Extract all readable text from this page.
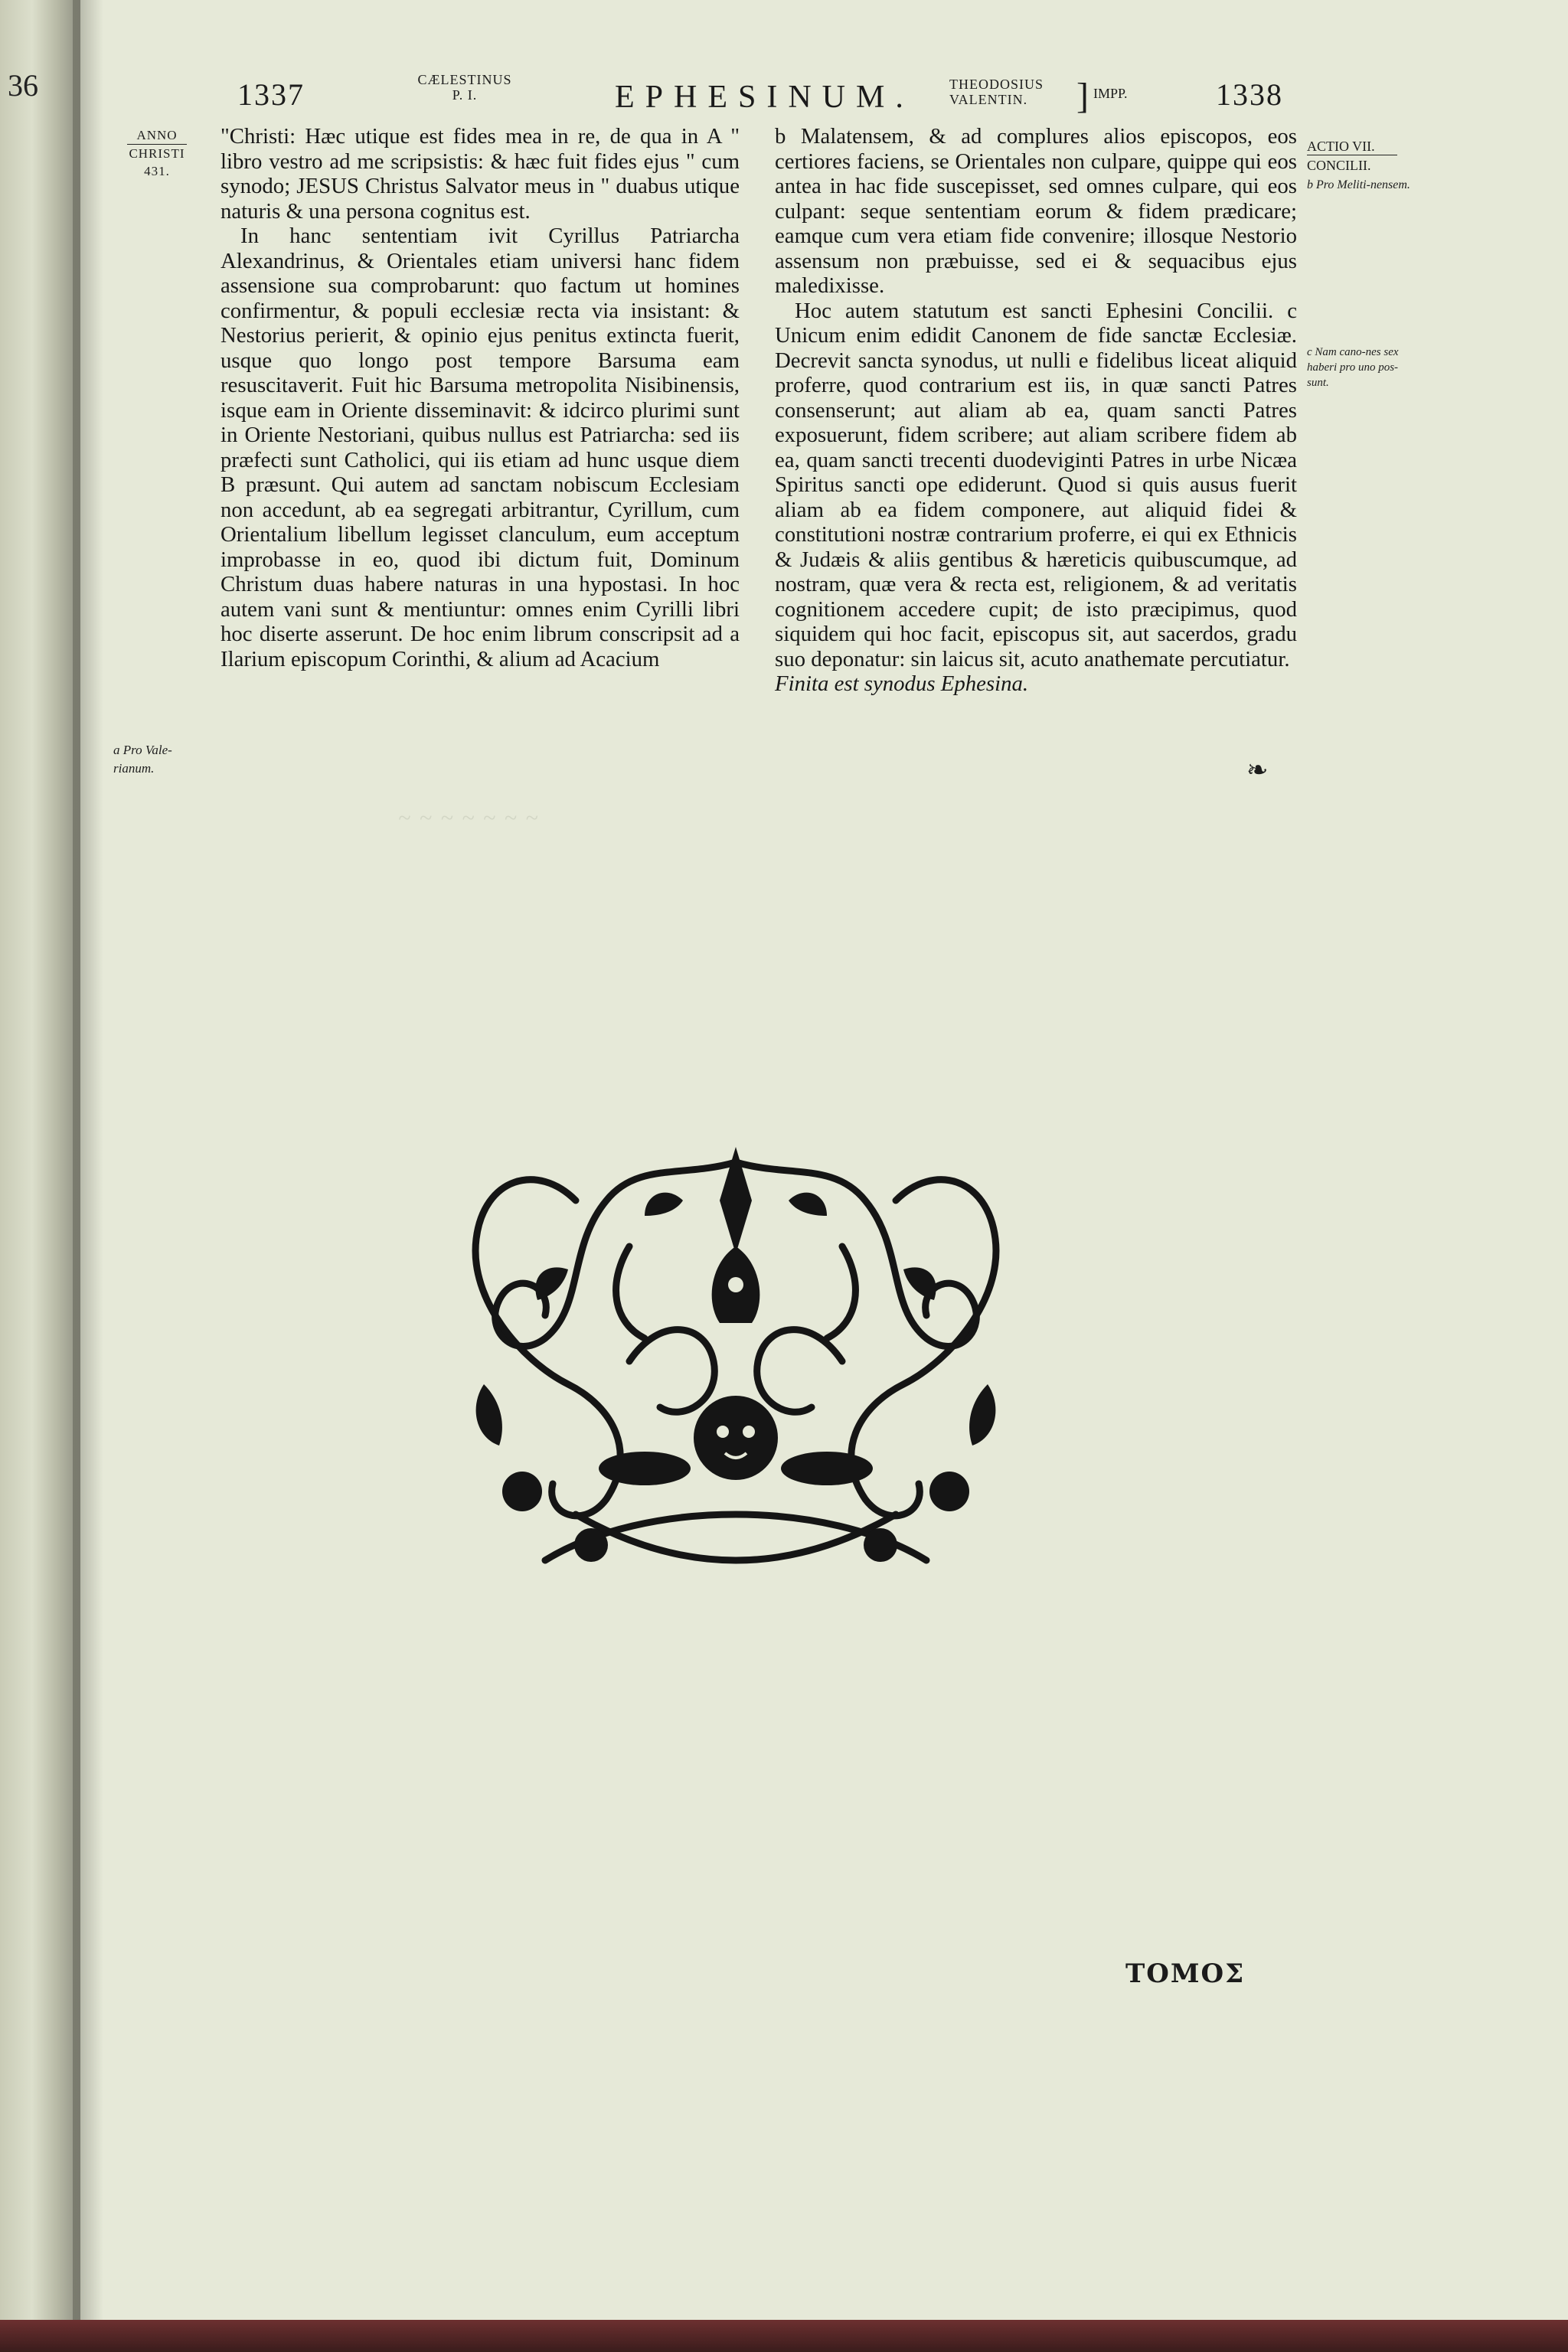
36	1337	CÆLESTINUS
P. I.	EPHESINUM.	THEODOSIUS
VALENTIN.	] IMPP.	1338
ANNO
CHRISTI
431.
a Pro Vale-rianum.
ACTIO VII.
CONCILII.
b Pro Meliti-nensem.
c Nam cano-nes sex haberi pro uno pos-sunt.

"Christi: Hæc utique est fides mea in re, de qua in A " libro vestro ad me scripsistis: & hæc fuit fides ejus " cum synodo; JESUS Christus Salvator meus in " duabus utique naturis & una persona cognitus est.

In hanc sententiam ivit Cyrillus Patriarcha Alexandrinus, & Orientales etiam universi hanc fidem assensione sua comprobarunt: quo factum ut homines confirmentur, & populi ecclesiæ recta via insistant: & Nestorius perierit, & opinio ejus penitus extincta fuerit, usque quo longo post tempore Barsuma eam resuscitaverit. Fuit hic Barsuma metropolita Nisibinensis, isque eam in Oriente disseminavit: & idcirco plurimi sunt in Oriente Nestoriani, quibus nullus est Patriarcha: sed iis præfecti sunt Catholici, qui iis etiam ad hunc usque diem B præsunt. Qui autem ad sanctam nobiscum Ecclesiam non accedunt, ab ea segregati arbitrantur, Cyrillum, cum Orientalium libellum legisset clanculum, eum acceptum improbasse in eo, quod ibi dictum fuit, Dominum Christum duas habere naturas in una hypostasi. In hoc autem vani sunt & mentiuntur: omnes enim Cyrilli libri hoc diserte asserunt. De hoc enim librum conscripsit ad a Ilarium episcopum Corinthi, & alium ad Acacium

b Malatensem, & ad complures alios episcopos, eos certiores faciens, se Orientales non culpare, quippe qui eos antea in hac fide suscepisset, sed omnes culpare, qui eos culpant: seque sententiam eorum & fidem prædicare; eamque cum vera etiam fide convenire; illosque Nestorio assensum non præbuisse, sed ei & sequacibus ejus maledixisse.

Hoc autem statutum est sancti Ephesini Concilii. c Unicum enim edidit Canonem de fide sanctæ Ecclesiæ. Decrevit sancta synodus, ut nulli e fidelibus liceat aliquid proferre, quod contrarium est iis, in quæ sancti Patres consenserunt; aut aliam ab ea, quam sancti Patres exposuerunt, fidem scribere; aut aliam scribere fidem ab ea, quam sancti trecenti duodeviginti Patres in urbe Nicæa Spiritus sancti ope ediderunt. Quod si quis ausus fuerit aliam ab ea fidem componere, aut aliquid fidei & constitutioni nostræ contrarium proferre, ei qui ex Ethnicis & Judæis & aliis gentibus & hæreticis quibuscumque, ad nostram, quæ vera & recta est, religionem, & ad veritatis cognitionem accedere cupit; de isto præcipimus, quod siquidem qui hoc facit, episcopus sit, aut sacerdos, gradu suo deponatur: sin laicus sit, acuto anathemate percutiatur.

Finita est synodus Ephesina.

❧
~ ~ ~ ~ ~ ~ ~
ΤΟΜΟΣ
